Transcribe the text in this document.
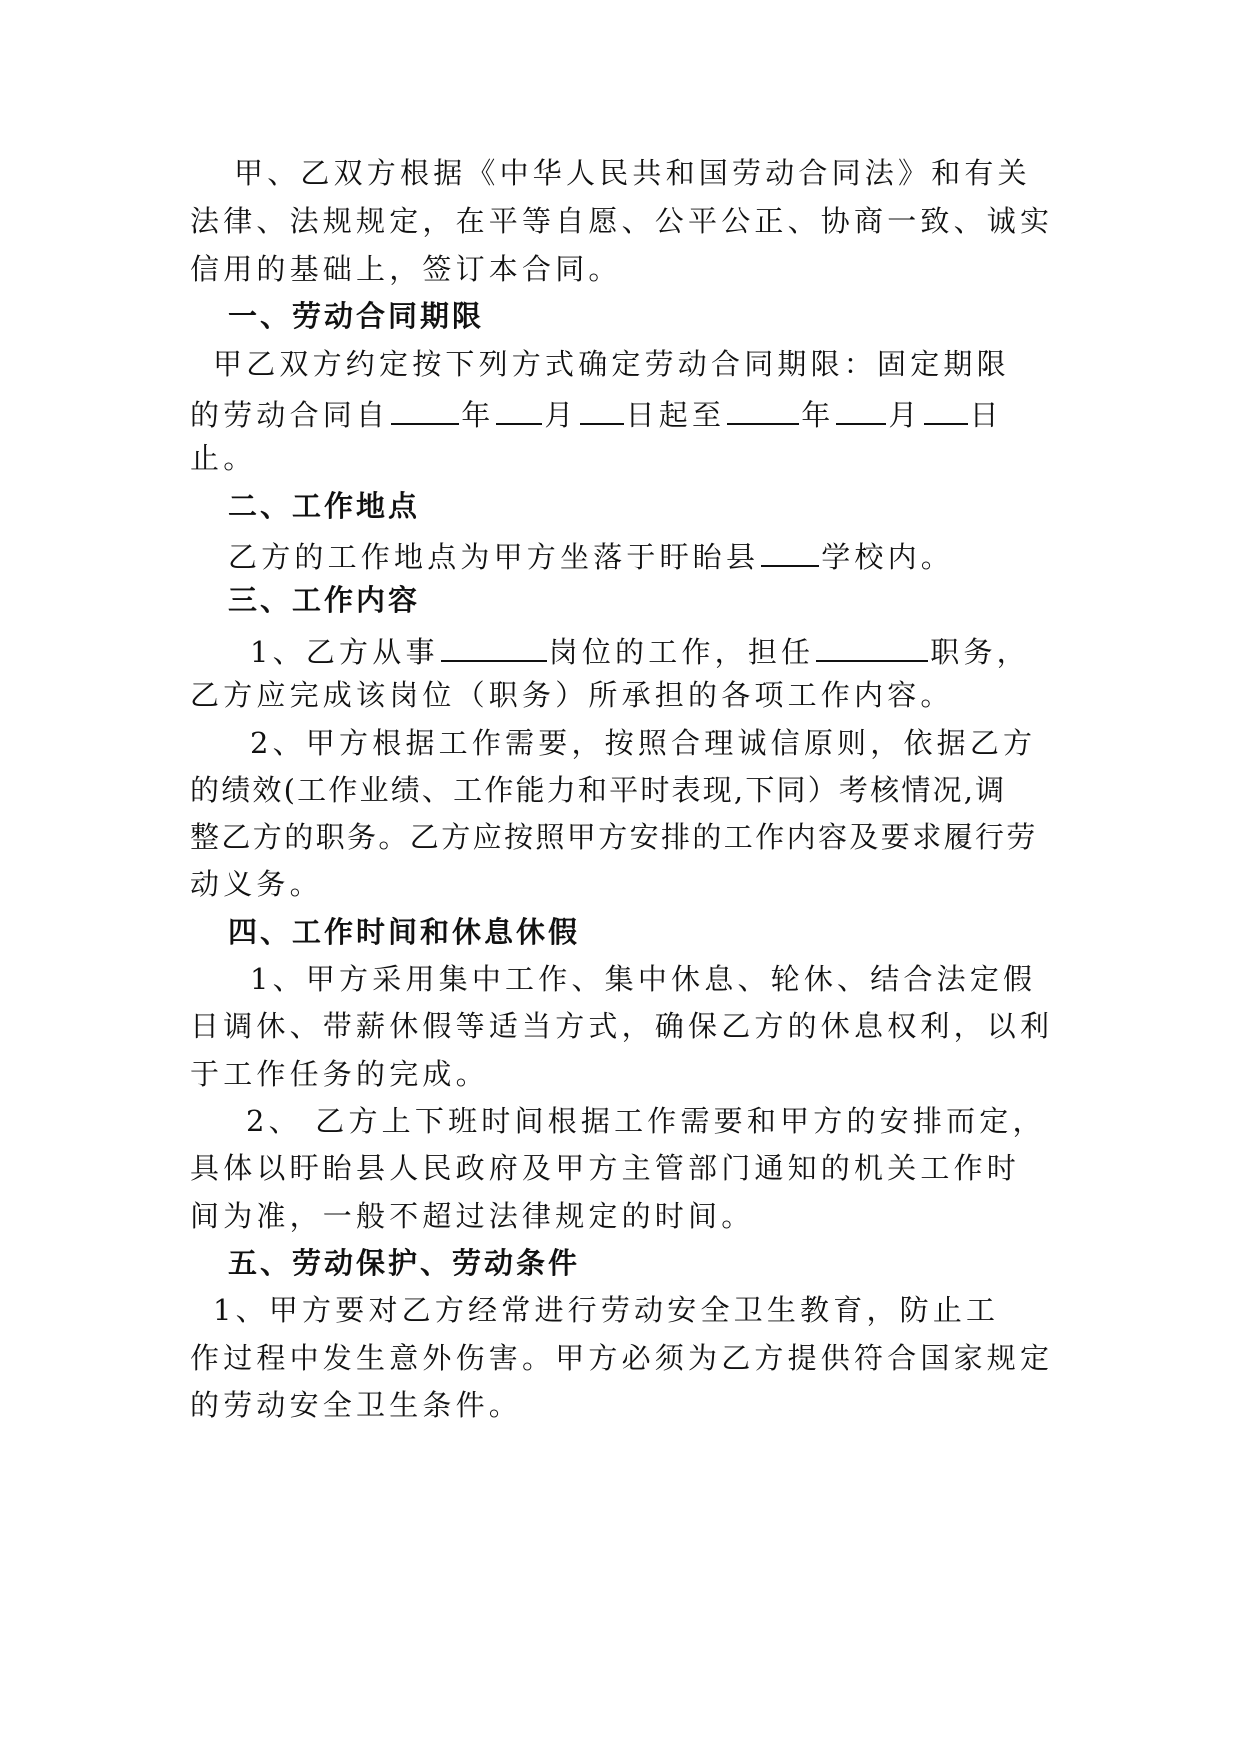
甲、乙双方根据《中华人民共和国劳动合同法》和有关
法律、法规规定，在平等自愿、公平公正、协商一致、诚实
信用的基础上，签订本合同。
一、劳动合同期限
甲乙双方约定按下列方式确定劳动合同期限：固定期限
的劳动合同自 年 月 日起至	年 月 日
止。
二、工作地点
乙方的工作地点为甲方坐落于盱眙县 学校内。
三、工作内容
1、乙方从事	岗位的工作，担任	职务，
乙方应完成该岗位（职务）所承担的各项工作内容。
2、甲方根据工作需要，按照合理诚信原则，依据乙方
的绩效(工作业绩、工作能力和平时表现,下同）考核情况,调
整乙方的职务。乙方应按照甲方安排的工作内容及要求履行劳
动义务。
四、工作时间和休息休假
1、甲方采用集中工作、集中休息、轮休、结合法定假
日调休、带薪休假等适当方式，确保乙方的休息权利，以利
于工作任务的完成。
2、 乙方上下班时间根据工作需要和甲方的安排而定，
具体以盱眙县人民政府及甲方主管部门通知的机关工作时
间为准，一般不超过法律规定的时间。
五、劳动保护、劳动条件
1、甲方要对乙方经常进行劳动安全卫生教育，防止工
作过程中发生意外伤害。甲方必须为乙方提供符合国家规定
的劳动安全卫生条件。
